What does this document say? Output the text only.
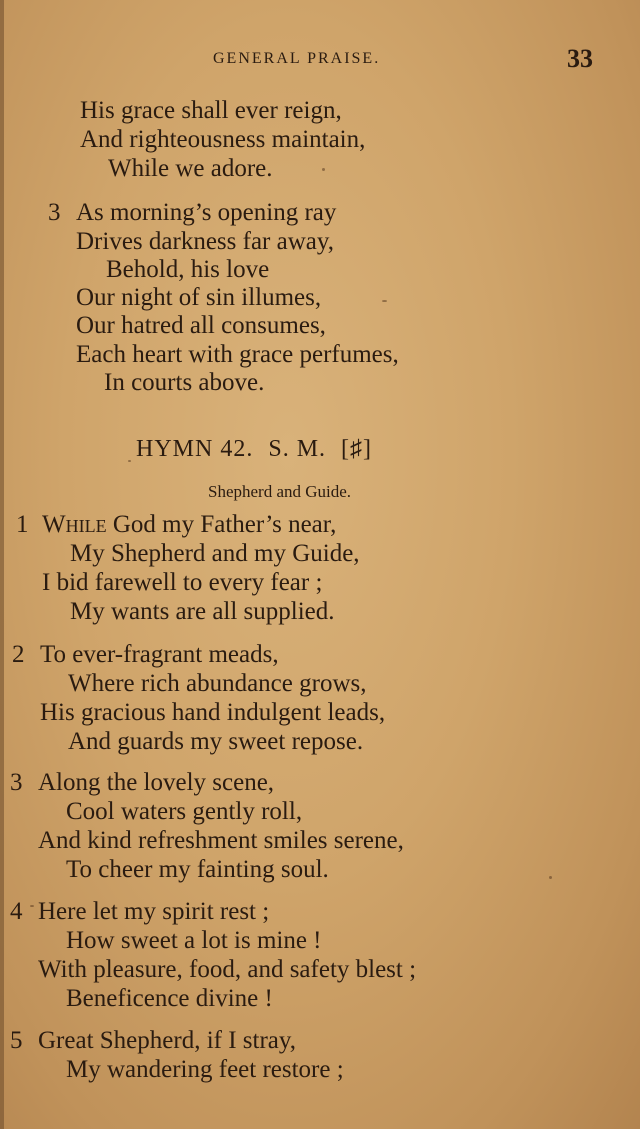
GENERAL PRAISE.	33
His grace shall ever reign,
And righteousness maintain,
While we adore.
3 As morning’s opening ray
Drives darkness far away,
Behold, his love
Our night of sin illumes,
Our hatred all consumes,
Each heart with grace perfumes,
In courts above.
HYMN 42. S. M. [♯]
Shepherd and Guide.
1 While God my Father’s near,
My Shepherd and my Guide,
I bid farewell to every fear ;
My wants are all supplied.
2 To ever-fragrant meads,
Where rich abundance grows,
His gracious hand indulgent leads,
And guards my sweet repose.
3 Along the lovely scene,
Cool waters gently roll,
And kind refreshment smiles serene,
To cheer my fainting soul.
4 Here let my spirit rest ;
How sweet a lot is mine !
With pleasure, food, and safety blest ;
Beneficence divine !
5 Great Shepherd, if I stray,
My wandering feet restore ;
